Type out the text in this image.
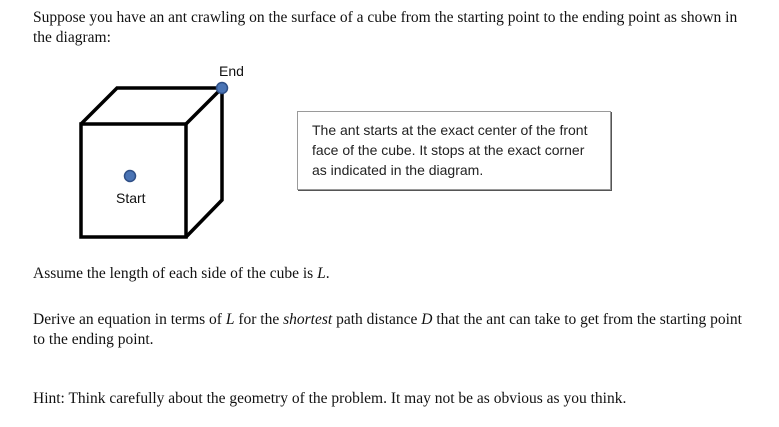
Suppose you have an ant crawling on the surface of a cube from the starting point to the ending point as shown in the diagram:

End
Start

The ant starts at the exact center of the front face of the cube. It stops at the exact corner as indicated in the diagram.

Assume the length of each side of the cube is L.

Derive an equation in terms of L for the shortest path distance D that the ant can take to get from the starting point to the ending point.

Hint: Think carefully about the geometry of the problem. It may not be as obvious as you think.
